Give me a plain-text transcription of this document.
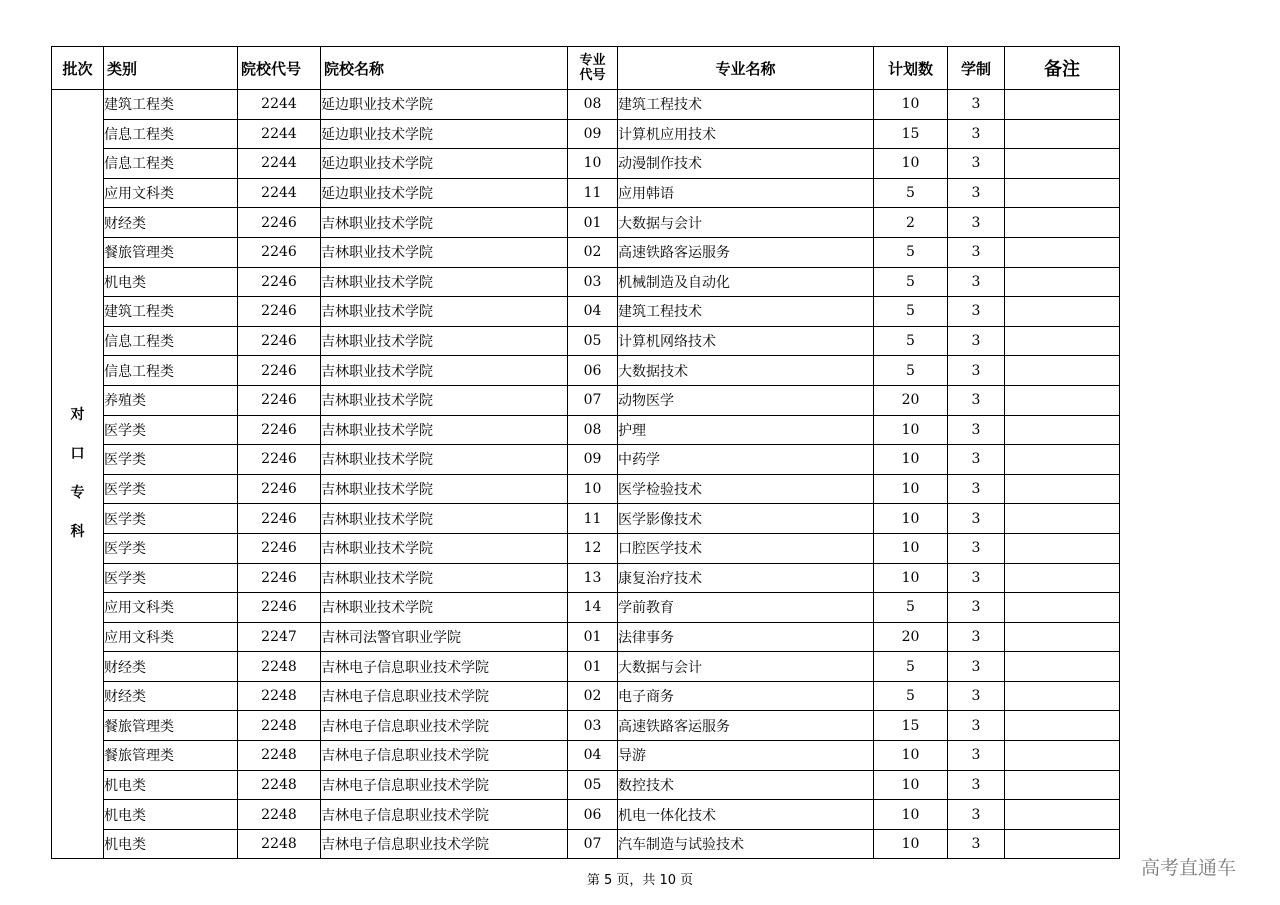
批次	类别	院校代号	院校名称	专业代号	专业名称	计划数	学制	备注
对口专科	建筑工程类	2244	延边职业技术学院	08	建筑工程技术	10	3	
	信息工程类	2244	延边职业技术学院	09	计算机应用技术	15	3	
	信息工程类	2244	延边职业技术学院	10	动漫制作技术	10	3	
	应用文科类	2244	延边职业技术学院	11	应用韩语	5	3	
	财经类	2246	吉林职业技术学院	01	大数据与会计	2	3	
	餐旅管理类	2246	吉林职业技术学院	02	高速铁路客运服务	5	3	
	机电类	2246	吉林职业技术学院	03	机械制造及自动化	5	3	
	建筑工程类	2246	吉林职业技术学院	04	建筑工程技术	5	3	
	信息工程类	2246	吉林职业技术学院	05	计算机网络技术	5	3	
	信息工程类	2246	吉林职业技术学院	06	大数据技术	5	3	
	养殖类	2246	吉林职业技术学院	07	动物医学	20	3	
	医学类	2246	吉林职业技术学院	08	护理	10	3	
	医学类	2246	吉林职业技术学院	09	中药学	10	3	
	医学类	2246	吉林职业技术学院	10	医学检验技术	10	3	
	医学类	2246	吉林职业技术学院	11	医学影像技术	10	3	
	医学类	2246	吉林职业技术学院	12	口腔医学技术	10	3	
	医学类	2246	吉林职业技术学院	13	康复治疗技术	10	3	
	应用文科类	2246	吉林职业技术学院	14	学前教育	5	3	
	应用文科类	2247	吉林司法警官职业学院	01	法律事务	20	3	
	财经类	2248	吉林电子信息职业技术学院	01	大数据与会计	5	3	
	财经类	2248	吉林电子信息职业技术学院	02	电子商务	5	3	
	餐旅管理类	2248	吉林电子信息职业技术学院	03	高速铁路客运服务	15	3	
	餐旅管理类	2248	吉林电子信息职业技术学院	04	导游	10	3	
	机电类	2248	吉林电子信息职业技术学院	05	数控技术	10	3	
	机电类	2248	吉林电子信息职业技术学院	06	机电一体化技术	10	3	
	机电类	2248	吉林电子信息职业技术学院	07	汽车制造与试验技术	10	3	
第 5 页，共 10 页
高考直通车
